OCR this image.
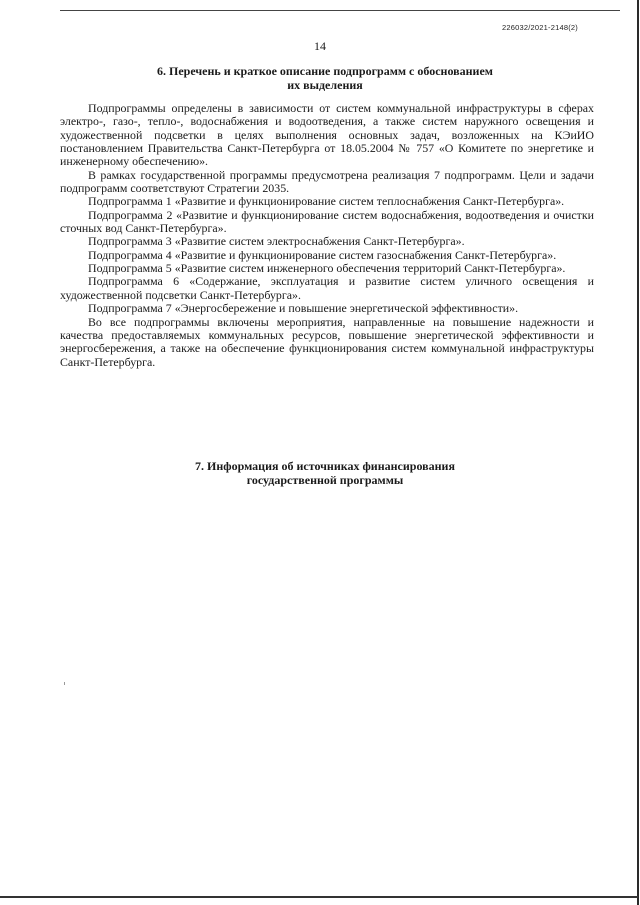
226032/2021-2148(2)
14
6. Перечень и краткое описание подпрограмм с обоснованием
их выделения

Подпрограммы определены в зависимости от систем коммунальной инфраструктуры в сферах электро-, газо-, тепло-, водоснабжения и водоотведения, а также систем наружного освещения и художественной подсветки в целях выполнения основных задач, возложенных на КЭиИО постановлением Правительства Санкт-Петербурга от 18.05.2004 № 757 «О Комитете по энергетике и инженерному обеспечению».

В рамках государственной программы предусмотрена реализация 7 подпрограмм. Цели и задачи подпрограмм соответствуют Стратегии 2035.

Подпрограмма 1 «Развитие и функционирование систем теплоснабжения Санкт-Петербурга».

Подпрограмма 2 «Развитие и функционирование систем водоснабжения, водоотведения и очистки сточных вод Санкт-Петербурга».

Подпрограмма 3 «Развитие систем электроснабжения Санкт-Петербурга».

Подпрограмма 4 «Развитие и функционирование систем газоснабжения Санкт-Петербурга».

Подпрограмма 5 «Развитие систем инженерного обеспечения территорий Санкт-Петербурга».

Подпрограмма 6 «Содержание, эксплуатация и развитие систем уличного освещения и художественной подсветки Санкт-Петербурга».

Подпрограмма 7 «Энергосбережение и повышение энергетической эффективности».

Во все подпрограммы включены мероприятия, направленные на повышение надежности и качества предоставляемых коммунальных ресурсов, повышение энергетической эффективности и энергосбережения, а также на обеспечение функционирования систем коммунальной инфраструктуры Санкт-Петербурга.

7. Информация об источниках финансирования
государственной программы
